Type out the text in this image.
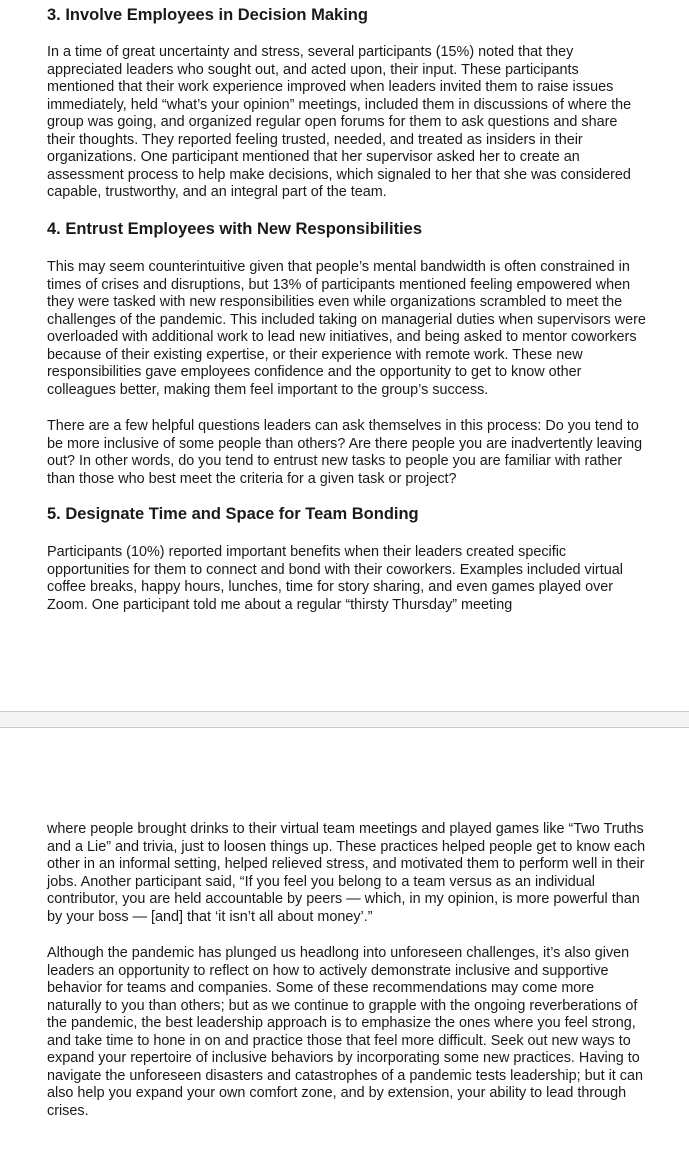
3. Involve Employees in Decision Making

In a time of great uncertainty and stress, several participants (15%) noted that they appreciated leaders who sought out, and acted upon, their input. These participants mentioned that their work experience improved when leaders invited them to raise issues immediately, held “what’s your opinion” meetings, included them in discussions of where the group was going, and organized regular open forums for them to ask questions and share their thoughts. They reported feeling trusted, needed, and treated as insiders in their organizations. One participant mentioned that her supervisor asked her to create an assessment process to help make decisions, which signaled to her that she was considered capable, trustworthy, and an integral part of the team.

4. Entrust Employees with New Responsibilities

This may seem counterintuitive given that people’s mental bandwidth is often constrained in times of crises and disruptions, but 13% of participants mentioned feeling empowered when they were tasked with new responsibilities even while organizations scrambled to meet the challenges of the pandemic. This included taking on managerial duties when supervisors were overloaded with additional work to lead new initiatives, and being asked to mentor coworkers because of their existing expertise, or their experience with remote work. These new responsibilities gave employees confidence and the opportunity to get to know other colleagues better, making them feel important to the group’s success.

There are a few helpful questions leaders can ask themselves in this process: Do you tend to be more inclusive of some people than others? Are there people you are inadvertently leaving out? In other words, do you tend to entrust new tasks to people you are familiar with rather than those who best meet the criteria for a given task or project?

5. Designate Time and Space for Team Bonding

Participants (10%) reported important benefits when their leaders created specific opportunities for them to connect and bond with their coworkers. Examples included virtual coffee breaks, happy hours, lunches, time for story sharing, and even games played over Zoom. One participant told me about a regular “thirsty Thursday” meeting

where people brought drinks to their virtual team meetings and played games like “Two Truths and a Lie” and trivia, just to loosen things up. These practices helped people get to know each other in an informal setting, helped relieved stress, and motivated them to perform well in their jobs. Another participant said, “If you feel you belong to a team versus as an individual contributor, you are held accountable by peers — which, in my opinion, is more powerful than by your boss — [and] that ‘it isn’t all about money’.”

Although the pandemic has plunged us headlong into unforeseen challenges, it’s also given leaders an opportunity to reflect on how to actively demonstrate inclusive and supportive behavior for teams and companies. Some of these recommendations may come more naturally to you than others; but as we continue to grapple with the ongoing reverberations of the pandemic, the best leadership approach is to emphasize the ones where you feel strong, and take time to hone in on and practice those that feel more difficult. Seek out new ways to expand your repertoire of inclusive behaviors by incorporating some new practices. Having to navigate the unforeseen disasters and catastrophes of a pandemic tests leadership; but it can also help you expand your own comfort zone, and by extension, your ability to lead through crises.
